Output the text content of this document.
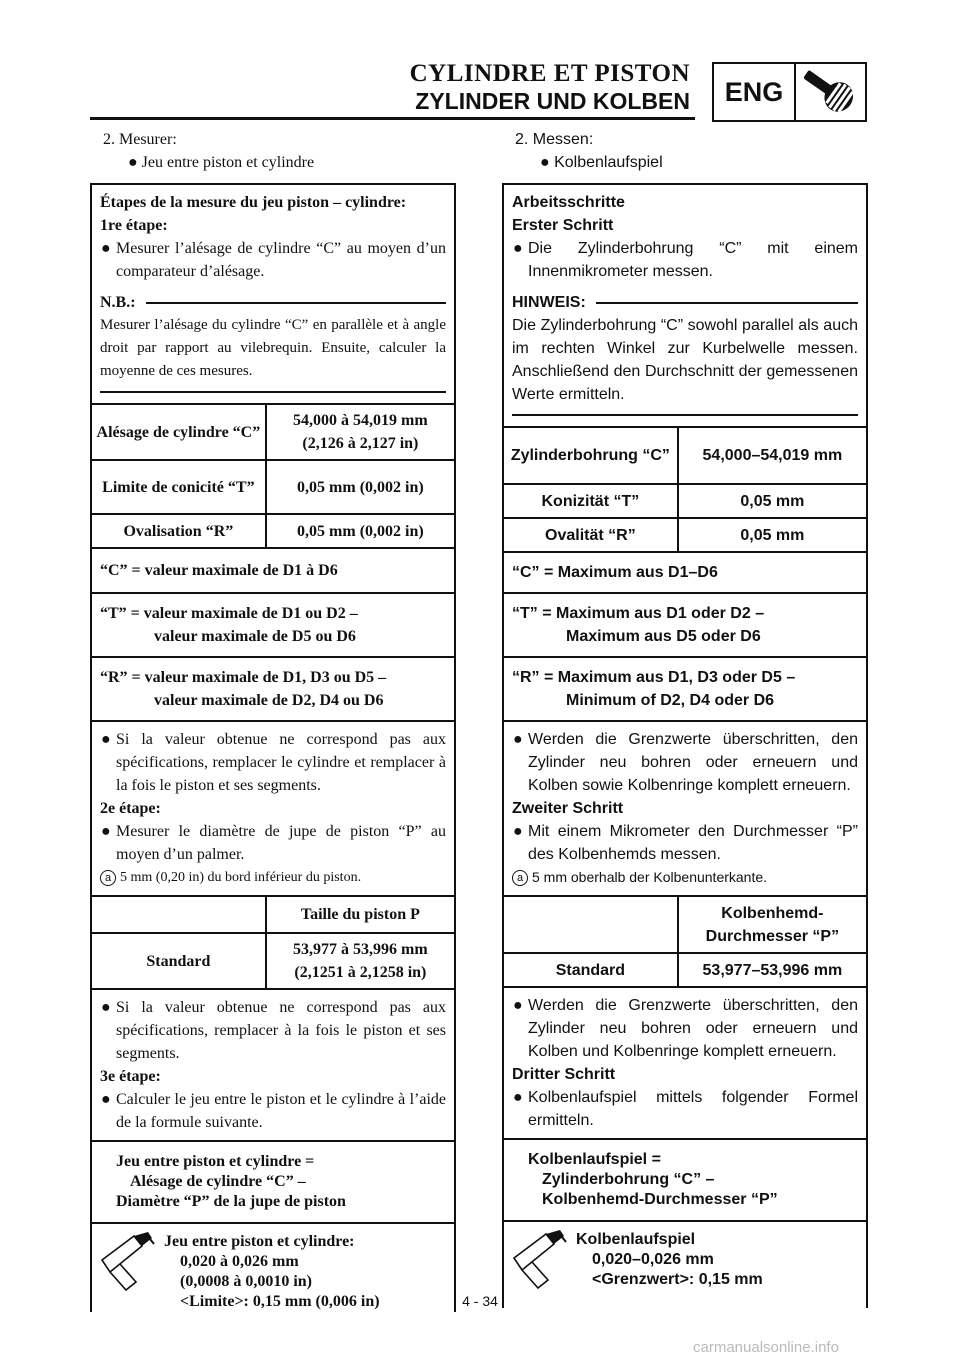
CYLINDRE ET PISTON
ZYLINDER UND KOLBEN	ENG
2. Mesurer:
● Jeu entre piston et cylindre
2. Messen:
● Kolbenlaufspiel
Étapes de la mesure du jeu piston – cylindre:
1re étape:
● Mesurer l’alésage de cylindre “C” au moyen d’un comparateur d’alésage.
N.B.:
Mesurer l’alésage du cylindre “C” en parallèle et à angle droit par rapport au vilebrequin. Ensuite, calculer la moyenne de ces mesures.
Alésage de cylindre “C”	54,000 à 54,019 mm (2,126 à 2,127 in)
Limite de conicité “T”	0,05 mm (0,002 in)
Ovalisation “R”	0,05 mm (0,002 in)
“C” = valeur maximale de D1 à D6
“T” = valeur maximale de D1 ou D2 –
valeur maximale de D5 ou D6
“R” = valeur maximale de D1, D3 ou D5 –
valeur maximale de D2, D4 ou D6
● Si la valeur obtenue ne correspond pas aux spécifications, remplacer le cylindre et remplacer à la fois le piston et ses segments.
2e étape:
● Mesurer le diamètre de jupe de piston “P” au moyen d’un palmer.
a 5 mm (0,20 in) du bord inférieur du piston.
	Taille du piston P
Standard	53,977 à 53,996 mm (2,1251 à 2,1258 in)
● Si la valeur obtenue ne correspond pas aux spécifications, remplacer à la fois le piston et ses segments.
3e étape:
● Calculer le jeu entre le piston et le cylindre à l’aide de la formule suivante.
Jeu entre piston et cylindre =
Alésage de cylindre “C” –
Diamètre “P” de la jupe de piston
Jeu entre piston et cylindre:
0,020 à 0,026 mm
(0,0008 à 0,0010 in)
<Limite>: 0,15 mm (0,006 in)
Arbeitsschritte
Erster Schritt
● Die Zylinderbohrung “C” mit einem Innenmikrometer messen.
HINWEIS:
Die Zylinderbohrung “C” sowohl parallel als auch im rechten Winkel zur Kurbelwelle messen. Anschließend den Durchschnitt der gemessenen Werte ermitteln.
Zylinderbohrung “C”	54,000–54,019 mm
Konizität “T”	0,05 mm
Ovalität “R”	0,05 mm
“C” = Maximum aus D1–D6
“T” = Maximum aus D1 oder D2 –
Maximum aus D5 oder D6
“R” = Maximum aus D1, D3 oder D5 –
Minimum of D2, D4 oder D6
● Werden die Grenzwerte überschritten, den Zylinder neu bohren oder erneuern und Kolben sowie Kolbenringe komplett erneuern.
Zweiter Schritt
● Mit einem Mikrometer den Durchmesser “P” des Kolbenhemds messen.
a 5 mm oberhalb der Kolbenunterkante.
	Kolbenhemd-Durchmesser “P”
Standard	53,977–53,996 mm
● Werden die Grenzwerte überschritten, den Zylinder neu bohren oder erneuern und Kolben und Kolbenringe komplett erneuern.
Dritter Schritt
● Kolbenlaufspiel mittels folgender Formel ermitteln.
Kolbenlaufspiel =
Zylinderbohrung “C” –
Kolbenhemd-Durchmesser “P”
Kolbenlaufspiel
0,020–0,026 mm
<Grenzwert>: 0,15 mm
4 - 34
carmanualsonline.info
